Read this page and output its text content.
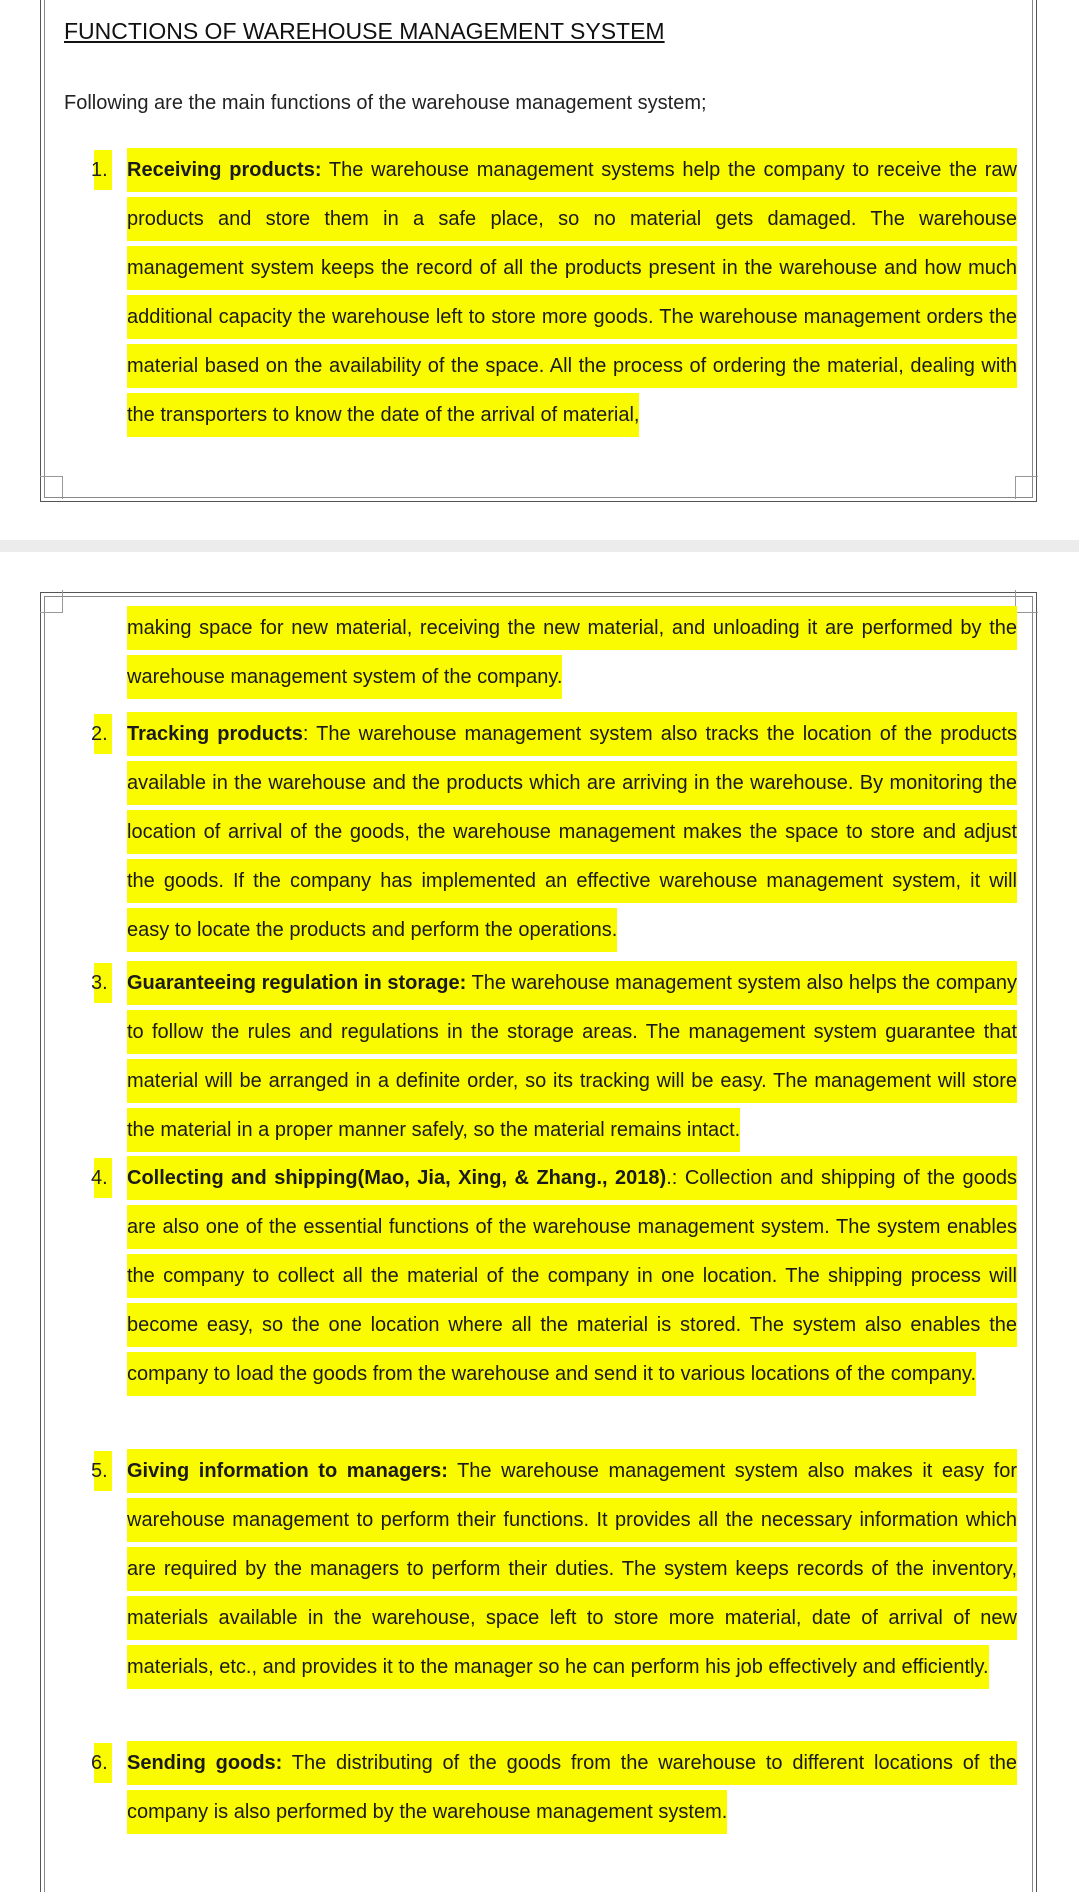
FUNCTIONS OF WAREHOUSE MANAGEMENT SYSTEM
Following are the main functions of the warehouse management system;
1. Receiving products: The warehouse management systems help the company to receive the raw products and store them in a safe place, so no material gets damaged. The warehouse management system keeps the record of all the products present in the warehouse and how much additional capacity the warehouse left to store more goods. The warehouse management orders the material based on the availability of the space. All the process of ordering the material, dealing with the transporters to know the date of the arrival of material,
making space for new material, receiving the new material, and unloading it are performed by the warehouse management system of the company.
2. Tracking products: The warehouse management system also tracks the location of the products available in the warehouse and the products which are arriving in the warehouse. By monitoring the location of arrival of the goods, the warehouse management makes the space to store and adjust the goods. If the company has implemented an effective warehouse management system, it will easy to locate the products and perform the operations.
3. Guaranteeing regulation in storage: The warehouse management system also helps the company to follow the rules and regulations in the storage areas. The management system guarantee that material will be arranged in a definite order, so its tracking will be easy. The management will store the material in a proper manner safely, so the material remains intact.
4. Collecting and shipping(Mao, Jia, Xing, & Zhang., 2018).: Collection and shipping of the goods are also one of the essential functions of the warehouse management system. The system enables the company to collect all the material of the company in one location. The shipping process will become easy, so the one location where all the material is stored. The system also enables the company to load the goods from the warehouse and send it to various locations of the company.
5. Giving information to managers: The warehouse management system also makes it easy for warehouse management to perform their functions. It provides all the necessary information which are required by the managers to perform their duties. The system keeps records of the inventory, materials available in the warehouse, space left to store more material, date of arrival of new materials, etc., and provides it to the manager so he can perform his job effectively and efficiently.
6. Sending goods: The distributing of the goods from the warehouse to different locations of the company is also performed by the warehouse management system.
